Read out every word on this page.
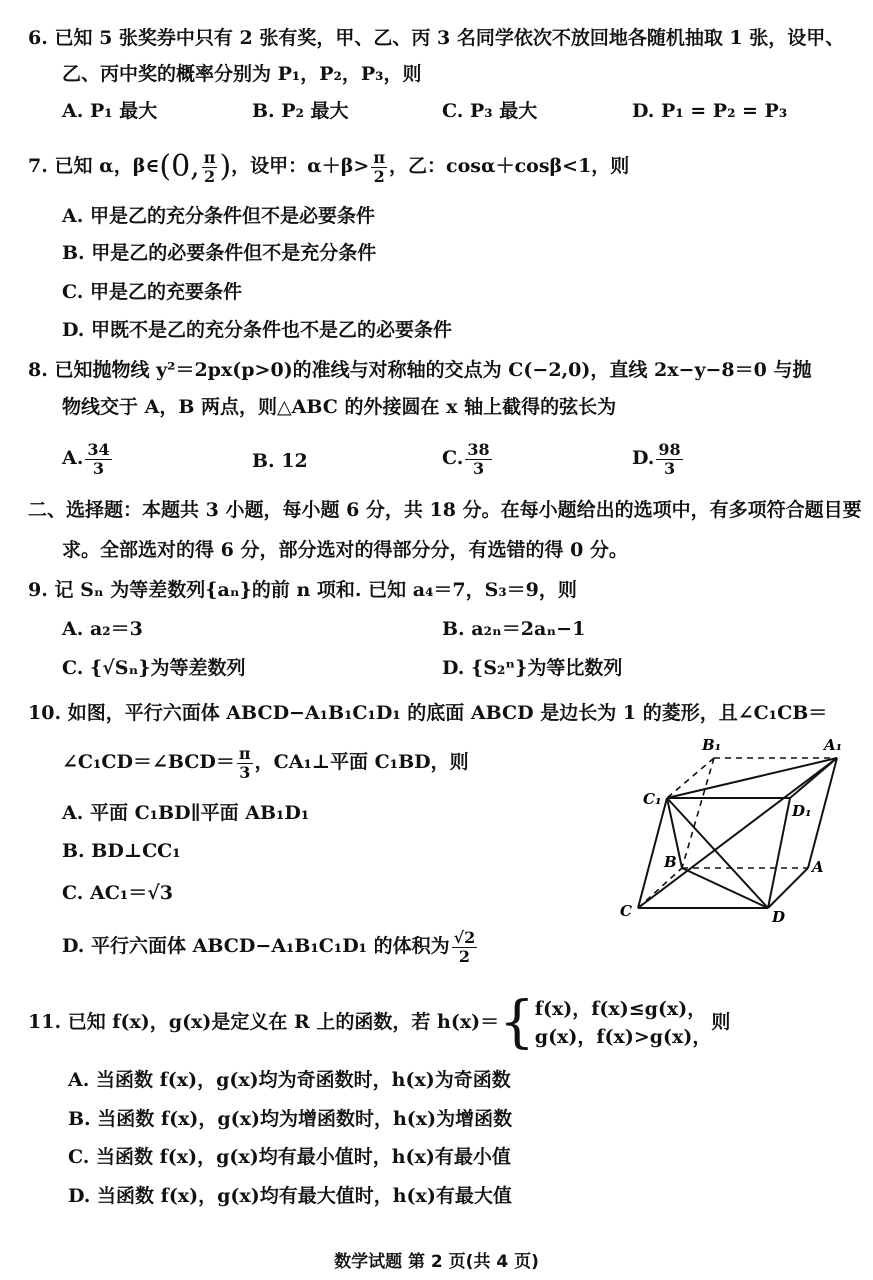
6. 已知 5 张奖券中只有 2 张有奖，甲、乙、丙 3 名同学依次不放回地各随机抽取 1 张，设甲、
乙、丙中奖的概率分别为 P₁，P₂，P₃，则
A. P₁ 最大	B. P₂ 最大	C. P₃ 最大	D. P₁ = P₂ = P₃
7. 已知 α，β∈(0, $\frac{\pi}{2}$ )，设甲：$\alpha+\beta> \frac{\pi}{2}$ ，乙：cosα＋cosβ<1，则
A. 甲是乙的充分条件但不是必要条件
B. 甲是乙的必要条件但不是充分条件
C. 甲是乙的充要条件
D. 甲既不是乙的充分条件也不是乙的必要条件
8. 已知抛物线 y²＝2px(p>0)的准线与对称轴的交点为 C(−2,0)，直线 2x−y−8＝0 与抛
物线交于 A，B 两点，则△ABC 的外接圆在 x 轴上截得的弦长为
A. $\frac{34}{3}$	B. 12	C. $\frac{38}{3}$	D. $\frac{98}{3}$
二、选择题：本题共 3 小题，每小题 6 分，共 18 分。在每小题给出的选项中，有多项符合题目要
求。全部选对的得 6 分，部分选对的得部分分，有选错的得 0 分。
9. 记 Sₙ 为等差数列{aₙ}的前 n 项和. 已知 a₄＝7，S₃＝9，则
A. a₂＝3	B. a₂ₙ＝2aₙ−1
C. {√Sₙ}为等差数列	D. {S₂ⁿ}为等比数列
10. 如图，平行六面体 ABCD−A₁B₁C₁D₁ 的底面 ABCD 是边长为 1 的菱形，且∠C₁CB＝
∠C₁CD＝∠BCD＝ $\frac{\pi}{3}$ ，CA₁⊥平面 C₁BD，则
A. 平面 C₁BD∥平面 AB₁D₁
B. BD⊥CC₁
C. AC₁＝√3
D. 平行六面体 ABCD−A₁B₁C₁D₁ 的体积为 $\frac{√2}{2}$
B₁	A₁
C₁
D₁
B	A
C	D
11. 已知 f(x)，g(x)是定义在 R 上的函数，若 h(x)＝{ f(x)，f(x)≤g(x)，
g(x)，f(x)>g(x)，
则
A. 当函数 f(x)，g(x)均为奇函数时，h(x)为奇函数
B. 当函数 f(x)，g(x)均为增函数时，h(x)为增函数
C. 当函数 f(x)，g(x)均有最小值时，h(x)有最小值
D. 当函数 f(x)，g(x)均有最大值时，h(x)有最大值
数学试题 第 2 页(共 4 页)
